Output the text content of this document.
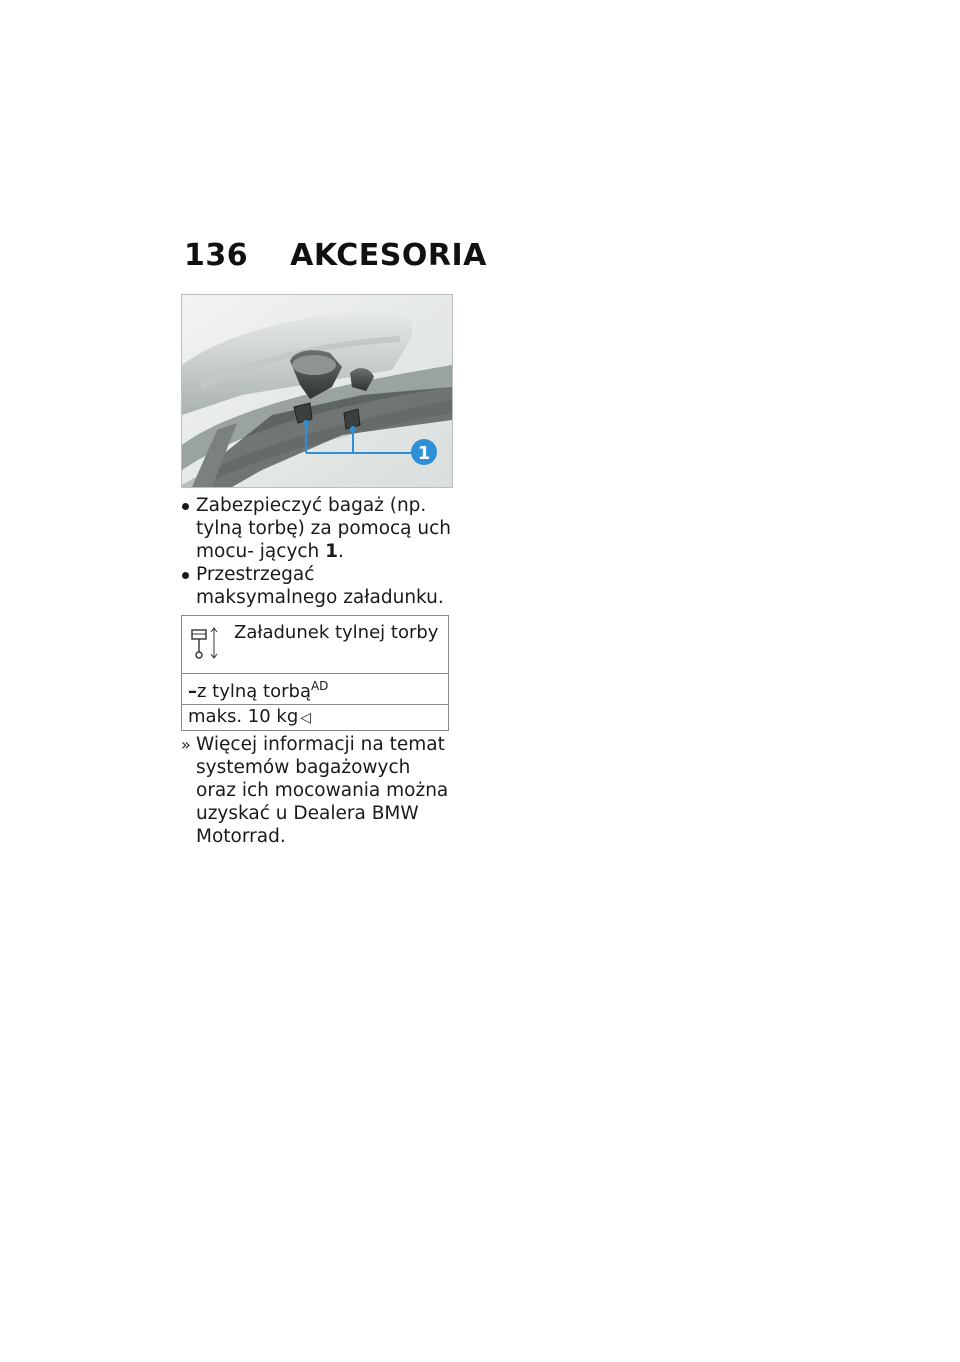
136 AKCESORIA
1

Zabezpieczyć bagaż (np. tylną torbę) za pomocą uch mocu- jących 1.

Przestrzegać maksymalnego załadunku.

Załadunek tylnej torby

–z tylną torbą$^{AD}$
maks. 10 kg ◁

» Więcej informacji na temat systemów bagażowych oraz ich mocowania można uzyskać u Dealera BMW Motorrad.
